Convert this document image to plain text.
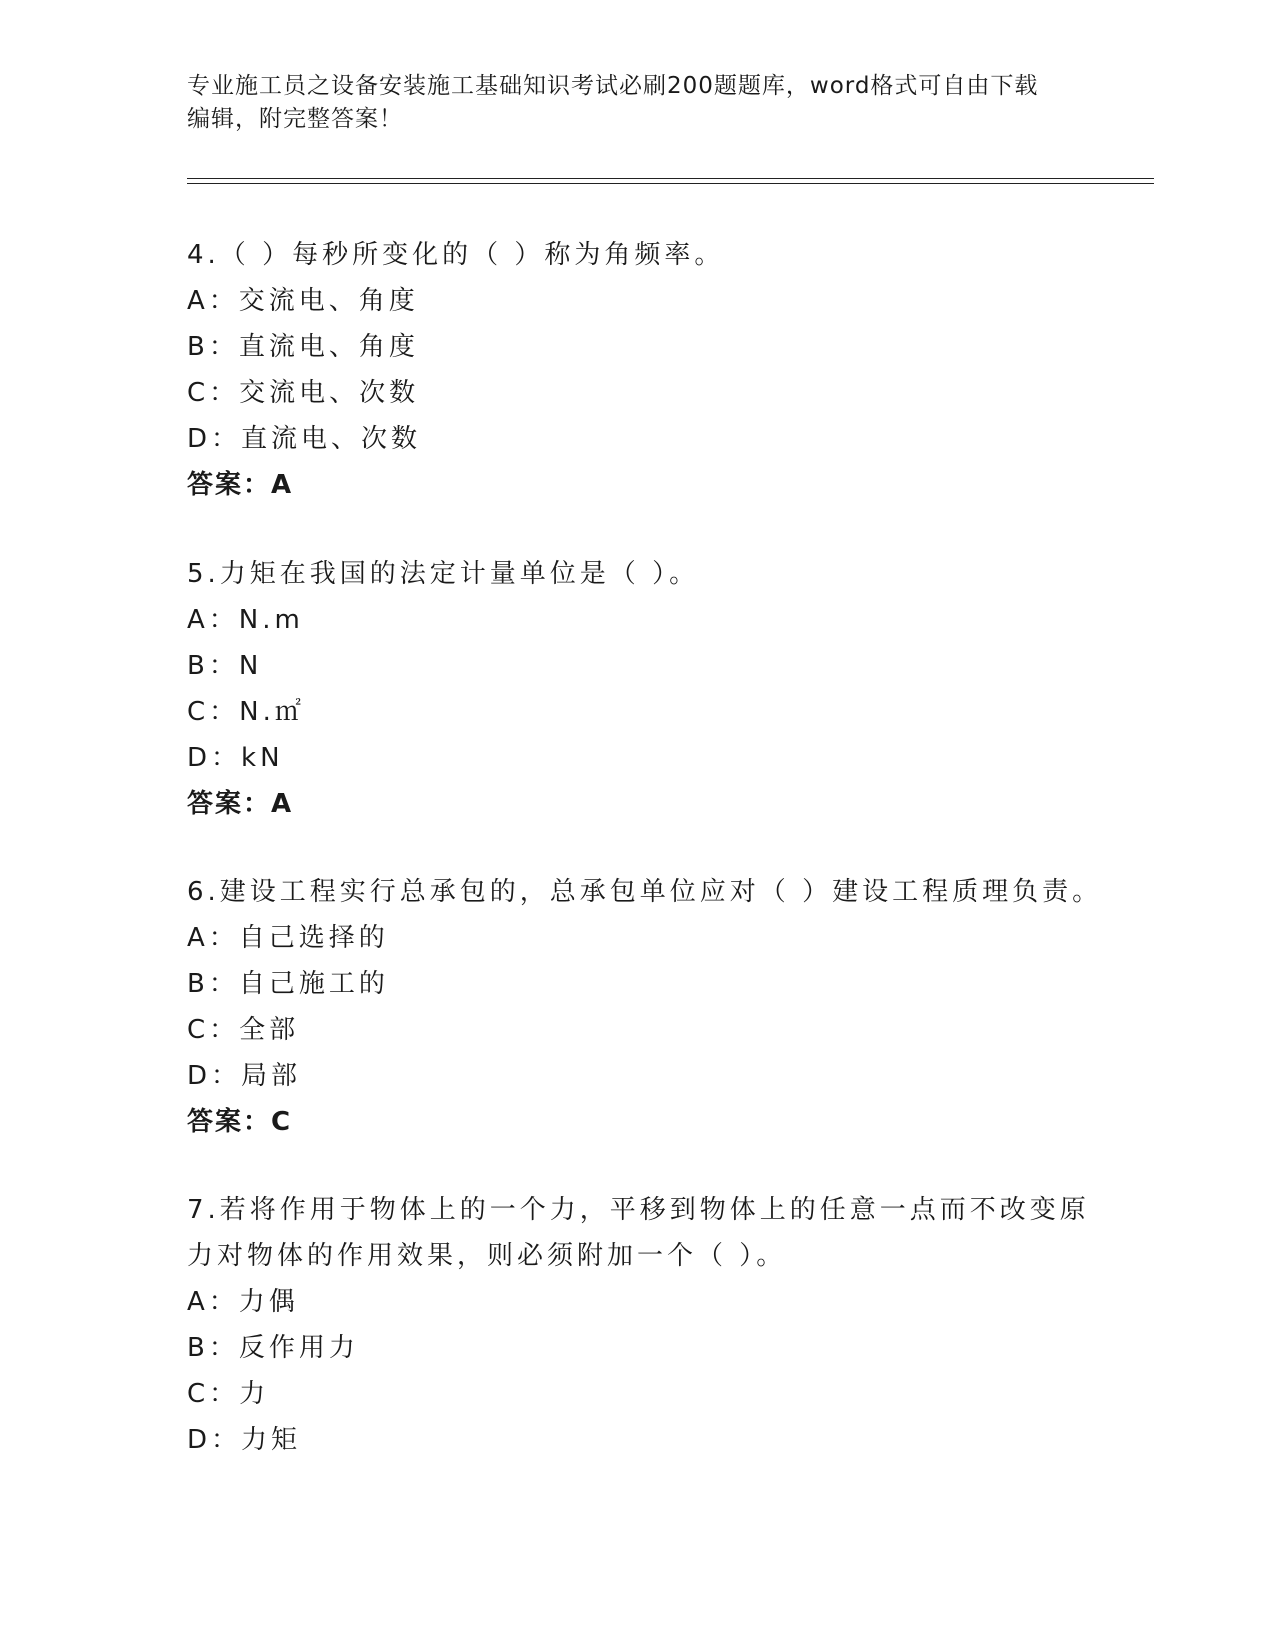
专业施工员之设备安装施工基础知识考试必刷200题题库，word格式可自由下载
编辑，附完整答案！
4.（ ）每秒所变化的（ ）称为角频率。
A：交流电、角度
B：直流电、角度
C：交流电、次数
D：直流电、次数
答案：A
5.力矩在我国的法定计量单位是（ ）。
A：N.m
B：N
C：N.㎡
D：kN
答案：A
6.建设工程实行总承包的，总承包单位应对（ ）建设工程质理负责。
A：自己选择的
B：自己施工的
C：全部
D：局部
答案：C
7.若将作用于物体上的一个力，平移到物体上的任意一点而不改变原
力对物体的作用效果，则必须附加一个（ ）。
A：力偶
B：反作用力
C：力
D：力矩
